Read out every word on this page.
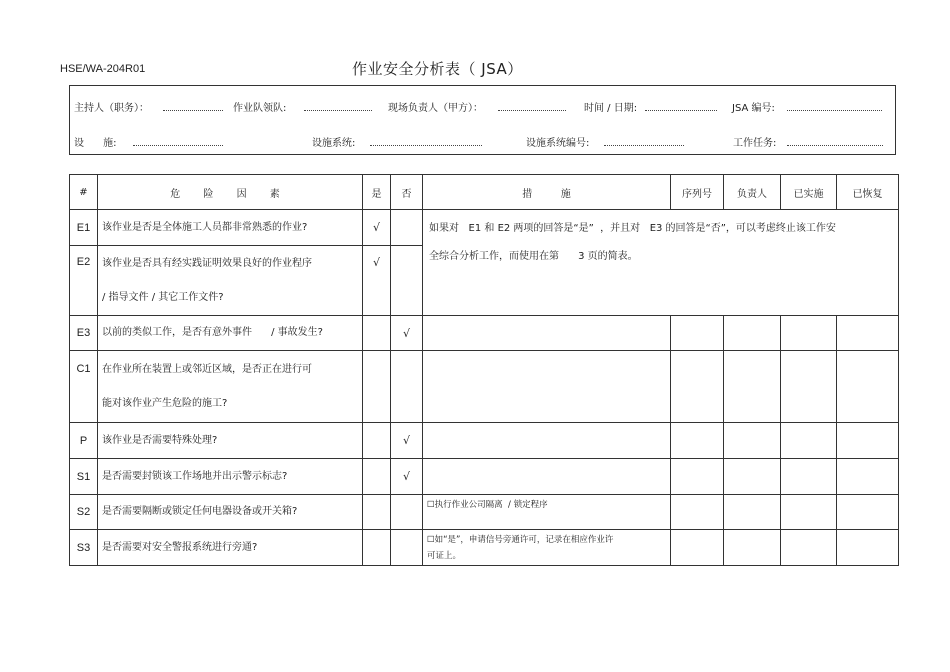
HSE/WA-204R01	作业安全分析表（ JSA）
主持人（职务）：	作业队领队:	现场负责人（甲方）：	时间 / 日期:	JSA 编号:
设      施:	设施系统:	设施系统编号:	工作任务:
#	危 险 因 素	是	否	措         施	序列号	负责人	已实施	已恢复
E1	该作业是否是全体施工人员都非常熟悉的作业?	√		如果对   E1 和 E2 两项的回答是“是”  ，并且对   E3 的回答是“否”，可以考虑终止该工作安
全综合分析工作，而使用在第      3 页的简表。				

E2	该作业是否具有经实践证明效果良好的作业程序
/ 指导文件 / 其它工作文件?	√						
E3	以前的类似工作，是否有意外事件      / 事故发生?		√					
C1	在作业所在装置上或邻近区域，是否正在进行可
能对该作业产生危险的施工?							

P	该作业是否需要特殊处理?		√					
S1	是否需要封锁该工作场地并出示警示标志?		√					
S2	是否需要隔断或锁定任何电器设备或开关箱?			☐执行作业公司隔离  / 锁定程序				
S3	是否需要对安全警报系统进行旁通?			☐如“是”，申请信号旁通许可，记录在相应作业许
可证上。				
